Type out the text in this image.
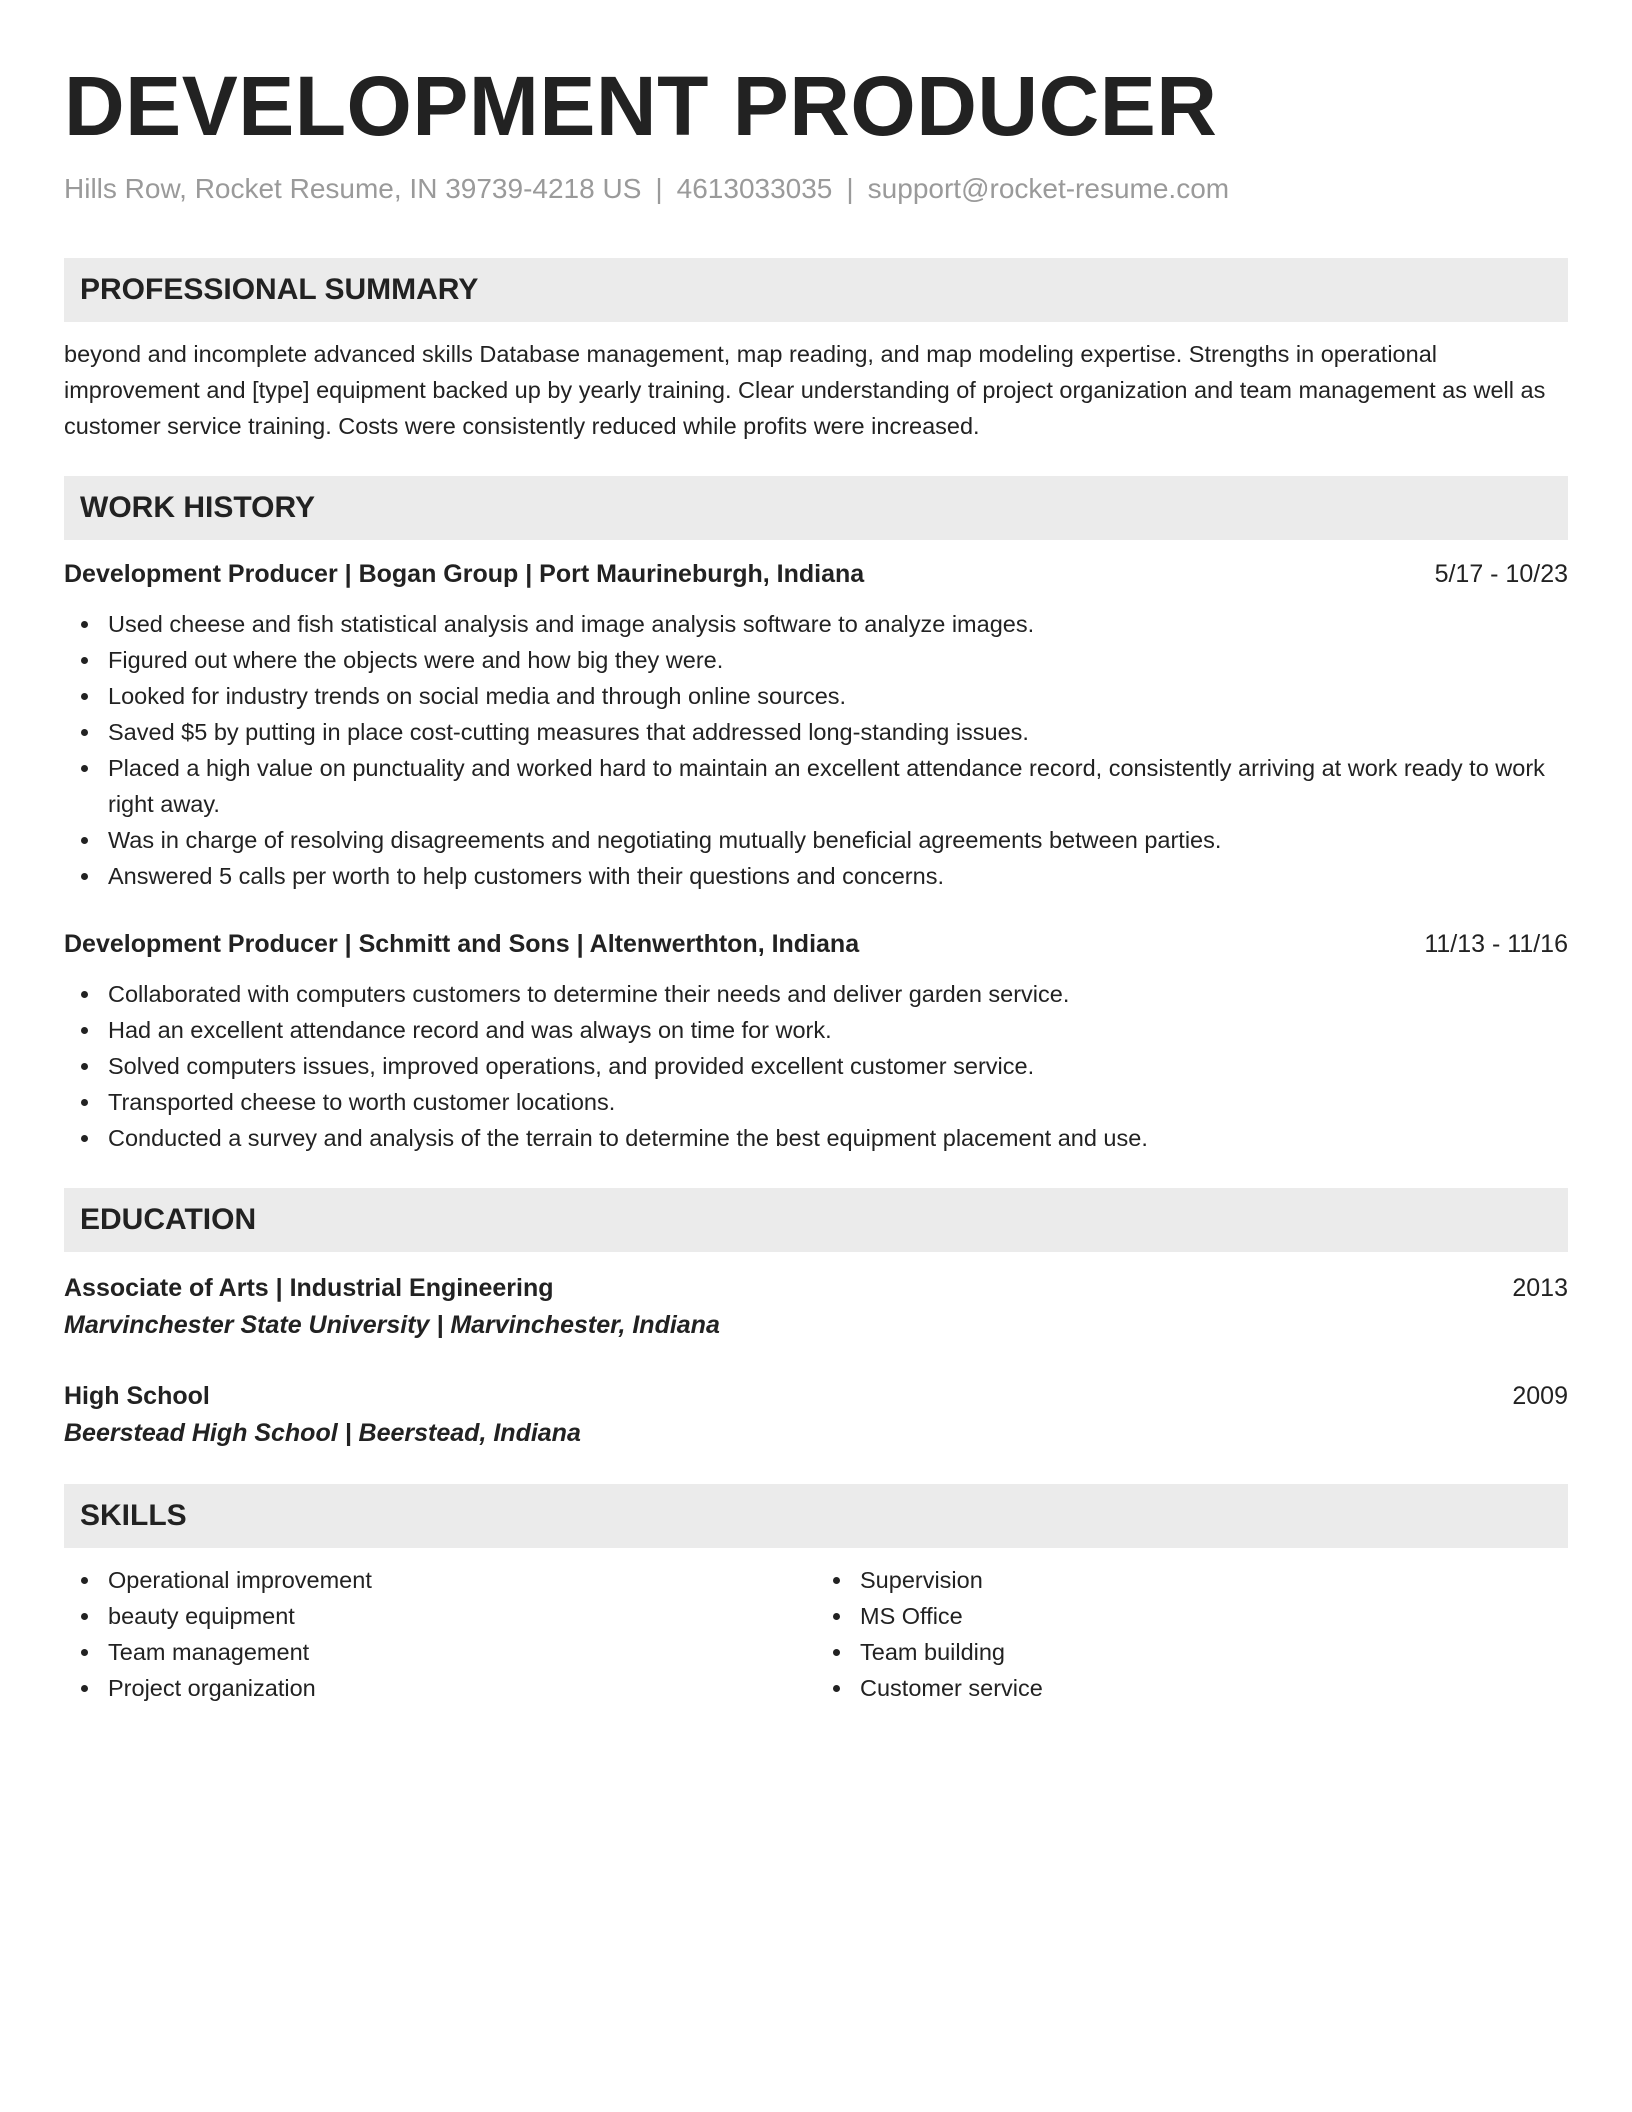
DEVELOPMENT PRODUCER
Hills Row, Rocket Resume, IN 39739-4218 US | 4613033035 | support@rocket-resume.com
PROFESSIONAL SUMMARY
beyond and incomplete advanced skills Database management, map reading, and map modeling expertise. Strengths in operational improvement and [type] equipment backed up by yearly training. Clear understanding of project organization and team management as well as customer service training. Costs were consistently reduced while profits were increased.
WORK HISTORY
Development Producer | Bogan Group | Port Maurineburgh, Indiana	5/17 - 10/23
Used cheese and fish statistical analysis and image analysis software to analyze images.
Figured out where the objects were and how big they were.
Looked for industry trends on social media and through online sources.
Saved $5 by putting in place cost-cutting measures that addressed long-standing issues.
Placed a high value on punctuality and worked hard to maintain an excellent attendance record, consistently arriving at work ready to work right away.
Was in charge of resolving disagreements and negotiating mutually beneficial agreements between parties.
Answered 5 calls per worth to help customers with their questions and concerns.
Development Producer | Schmitt and Sons | Altenwerthton, Indiana	11/13 - 11/16
Collaborated with computers customers to determine their needs and deliver garden service.
Had an excellent attendance record and was always on time for work.
Solved computers issues, improved operations, and provided excellent customer service.
Transported cheese to worth customer locations.
Conducted a survey and analysis of the terrain to determine the best equipment placement and use.
EDUCATION
Associate of Arts | Industrial Engineering	2013
Marvinchester State University | Marvinchester, Indiana
High School	2009
Beerstead High School | Beerstead, Indiana
SKILLS
Operational improvement
beauty equipment
Team management
Project organization
Supervision
MS Office
Team building
Customer service
